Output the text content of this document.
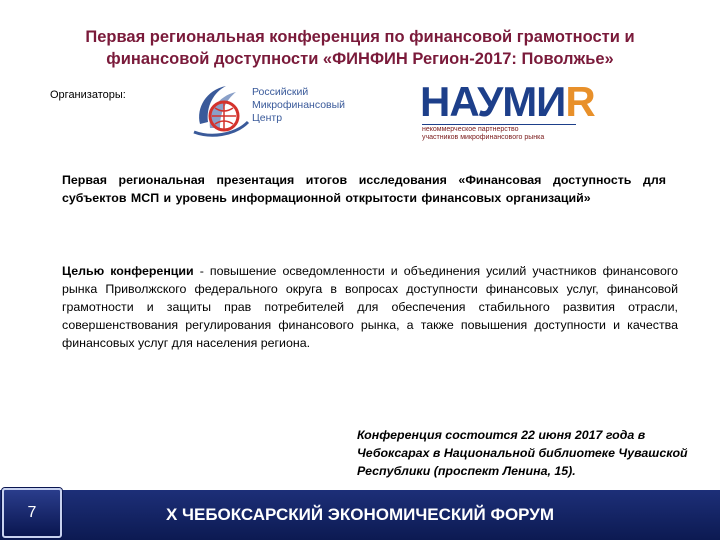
Первая региональная конференция по финансовой грамотности и
финансовой доступности «ФИНФИН Регион-2017: Поволжье»
Организаторы:	Российский
Микрофинансовый
Центр	НАУМИR
некоммерческое партнерство
участников микрофинансового рынка
Первая региональная презентация итогов исследования «Финансовая доступность для субъектов МСП и уровень информационной открытости финансовых организаций»
Целью конференции - повышение осведомленности и объединения усилий участников финансового рынка Приволжского федерального округа в вопросах доступности финансовых услуг, финансовой грамотности и защиты прав потребителей для обеспечения стабильного развития отрасли, совершенствования регулирования финансового рынка, а также повышения доступности и качества финансовых услуг для населения региона.
Конференция состоится 22 июня 2017 года в Чебоксарах в Национальной библиотеке Чувашской Республики (проспект Ленина, 15).
X ЧЕБОКСАРСКИЙ ЭКОНОМИЧЕСКИЙ ФОРУМ
7
